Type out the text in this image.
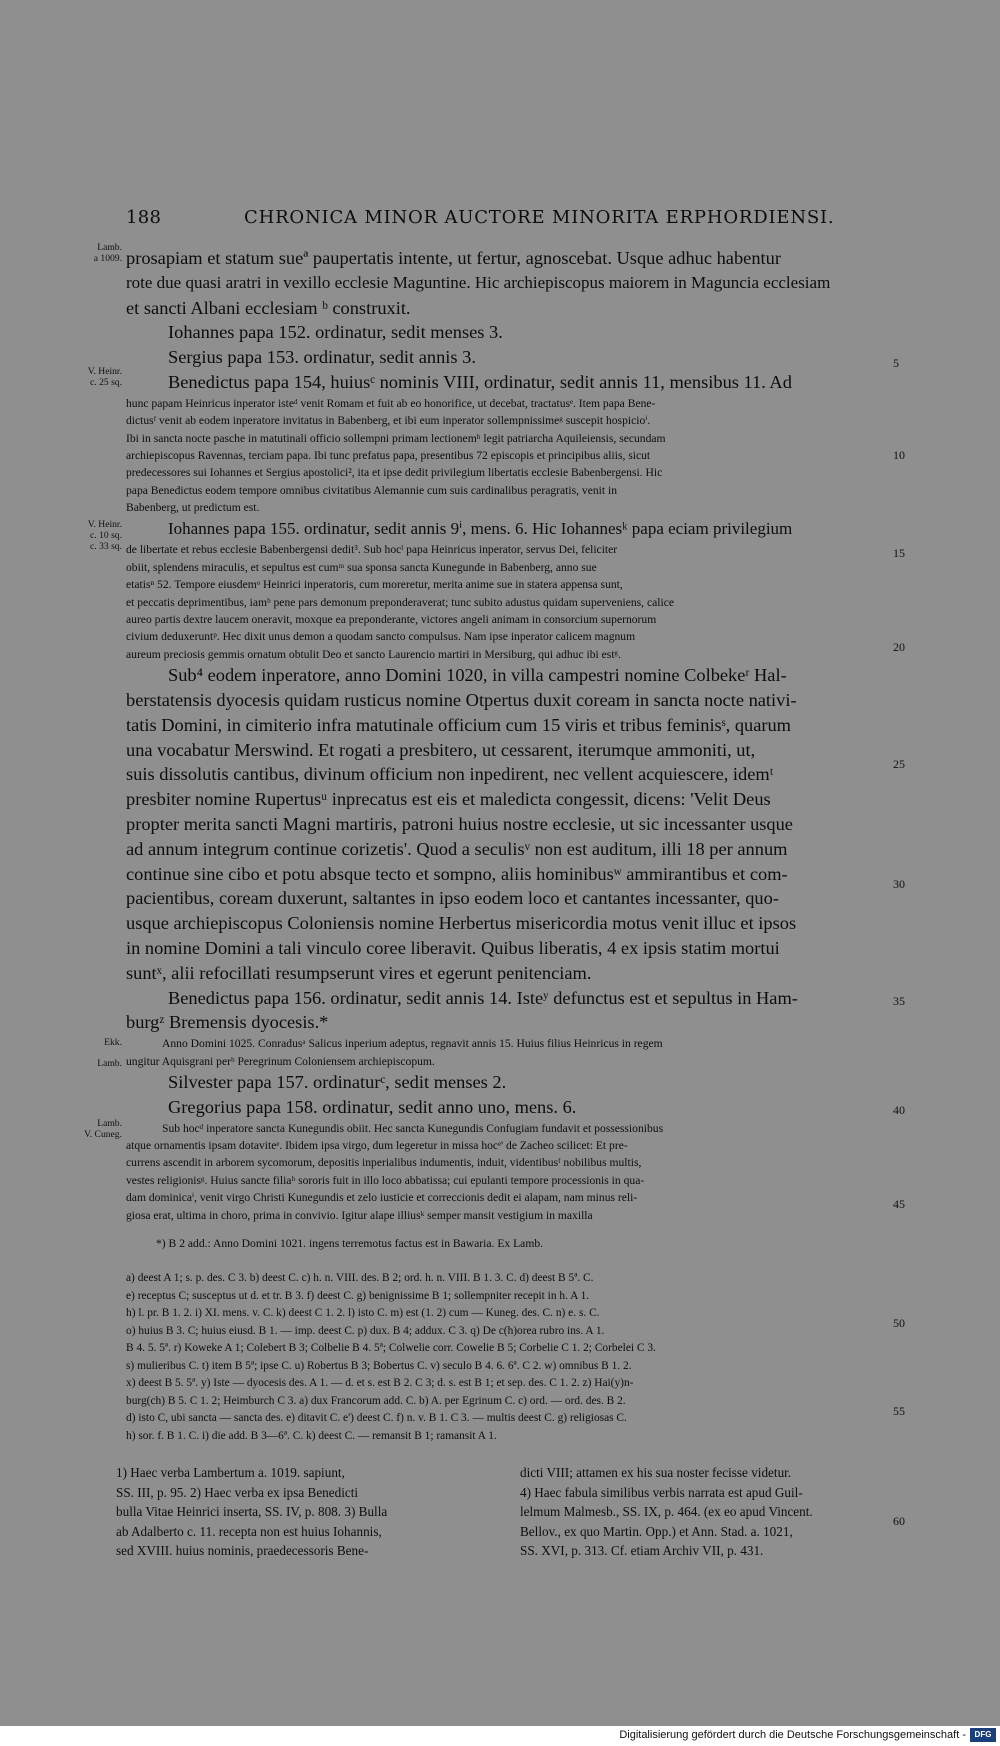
188	CHRONICA MINOR AUCTORE MINORITA ERPHORDIENSI.
Lamb.
a 1009.
V. Heinr.
c. 25 sq.
V. Heinr.
c. 10 sq.
c. 33 sq.
Ekk.
Lamb.
Lamb.
V. Cuneg.
5
10
15
20
25
30
35
40
45
50
55
60
prosapiam et statum sueª paupertatis intente, ut fertur, agnoscebat. Usque adhuc habentur
rote due quasi aratri in vexillo ecclesie Maguntine. Hic archiepiscopus maiorem in Maguncia ecclesiam
et sancti Albani ecclesiam ᵇ construxit.
Iohannes papa 152. ordinatur, sedit menses 3.
Sergius papa 153. ordinatur, sedit annis 3.
Benedictus papa 154, huiusᶜ nominis VIII, ordinatur, sedit annis 11, mensibus 11. Ad
hunc papam Heinricus inperator isteᵈ venit Romam et fuit ab eo honorifice, ut decebat, tractatusᵉ. Item papa Bene-
dictusᶠ venit ab eodem inperatore invitatus in Babenberg, et ibi eum inperator sollempnissimeᵍ suscepit hospicioⁱ.
Ibi in sancta nocte pasche in matutinali officio sollempni primam lectionemʰ legit patriarcha Aquileiensis, secundam
archiepiscopus Ravennas, terciam papa. Ibi tunc prefatus papa, presentibus 72 episcopis et principibus aliis, sicut
predecessores sui Iohannes et Sergius apostolici², ita et ipse dedit privilegium libertatis ecclesie Babenbergensi. Hic
papa Benedictus eodem tempore omnibus civitatibus Alemannie cum suis cardinalibus peragratis, venit in
Babenberg, ut predictum est.
Iohannes papa 155. ordinatur, sedit annis 9ⁱ, mens. 6. Hic Iohannesᵏ papa eciam privilegium
de libertate et rebus ecclesie Babenbergensi dedit³. Sub hocˡ papa Heinricus inperator, servus Dei, feliciter
obiit, splendens miraculis, et sepultus est cumᵐ sua sponsa sancta Kunegunde in Babenberg, anno sue
etatisⁿ 52. Tempore eiusdemᵒ Heinrici inperatoris, cum moreretur, merita anime sue in statera appensa sunt,
et peccatis deprimentibus, iamᵇ pene pars demonum preponderaverat; tunc subito adustus quidam superveniens, calice
aureo partis dextre laucem oneravit, moxque ea preponderante, victores angeli animam in consorcium supernorum
civium deduxeruntᵖ. Hec dixit unus demon a quodam sancto compulsus. Nam ipse inperator calicem magnum
aureum preciosis gemmis ornatum obtulit Deo et sancto Laurencio martiri in Mersiburg, qui adhuc ibi estᵍ.
Sub⁴ eodem inperatore, anno Domini 1020, in villa campestri nomine Colbekeʳ Hal-
berstatensis dyocesis quidam rusticus nomine Otpertus duxit coream in sancta nocte nativi-
tatis Domini, in cimiterio infra matutinale officium cum 15 viris et tribus feminisˢ, quarum
una vocabatur Merswind. Et rogati a presbitero, ut cessarent, iterumque ammoniti, ut,
suis dissolutis cantibus, divinum officium non inpedirent, nec vellent acquiescere, idemᵗ
presbiter nomine Rupertusᵘ inprecatus est eis et maledicta congessit, dicens: 'Velit Deus
propter merita sancti Magni martiris, patroni huius nostre ecclesie, ut sic incessanter usque
ad annum integrum continue corizetis'. Quod a seculisᵛ non est auditum, illi 18 per annum
continue sine cibo et potu absque tecto et sompno, aliis hominibusʷ ammirantibus et com-
pacientibus, coream duxerunt, saltantes in ipso eodem loco et cantantes incessanter, quo-
usque archiepiscopus Coloniensis nomine Herbertus misericordia motus venit illuc et ipsos
in nomine Domini a tali vinculo coree liberavit. Quibus liberatis, 4 ex ipsis statim mortui
suntˣ, alii refocillati resumpserunt vires et egerunt penitenciam.
Benedictus papa 156. ordinatur, sedit annis 14. Isteʸ defunctus est et sepultus in Ham-
burgᶻ Bremensis dyocesis.*
Anno Domini 1025. Conradusᵃ Salicus inperium adeptus, regnavit annis 15. Huius filius Heinricus in regem
ungitur Aquisgrani perᵇ Peregrinum Coloniensem archiepiscopum.
Silvester papa 157. ordinaturᶜ, sedit menses 2.
Gregorius papa 158. ordinatur, sedit anno uno, mens. 6.
Sub hocᵈ inperatore sancta Kunegundis obiit. Hec sancta Kunegundis Confugiam fundavit et possessionibus
atque ornamentis ipsam dotaviteᵉ. Ibidem ipsa virgo, dum legeretur in missa hocᵉ' de Zacheo scilicet: Et pre-
currens ascendit in arborem sycomorum, depositis inperialibus indumentis, induit, videntibusᶠ nobilibus multis,
vestes religionisᵍ. Huius sancte filiaʰ sororis fuit in illo loco abbatissa; cui epulanti tempore processionis in qua-
dam dominicaⁱ, venit virgo Christi Kunegundis et zelo iusticie et correccionis dedit ei alapam, nam minus reli-
giosa erat, ultima in choro, prima in convivio. Igitur alape illiusᵏ semper mansit vestigium in maxilla
*) B 2 add.: Anno Domini 1021. ingens terremotus factus est in Bawaria. Ex Lamb.
a) deest A 1; s. p. des. C 3. b) deest C. c) h. n. VIII. des. B 2; ord. h. n. VIII. B 1. 3. C. d) deest B 5ª. C.
e) receptus C; susceptus ut d. et tr. B 3. f) deest C. g) benignissime B 1; sollempniter recepit in h. A 1.
h) l. pr. B 1. 2. i) XI. mens. v. C. k) deest C 1. 2. l) isto C. m) est (1. 2) cum — Kuneg. des. C. n) e. s. C.
o) huius B 3. C; huius eiusd. B 1. — imp. deest C. p) dux. B 4; addux. C 3. q) De c(h)orea rubro ins. A 1.
B 4. 5. 5ª. r) Koweke A 1; Colebert B 3; Colbelie B 4. 5ª; Colwelie corr. Cowelie B 5; Corbelie C 1. 2; Corbelei C 3.
s) mulieribus C. t) item B 5ª; ipse C. u) Robertus B 3; Bobertus C. v) seculo B 4. 6. 6ª. C 2. w) omnibus B 1. 2.
x) deest B 5. 5ª. y) Iste — dyocesis des. A 1. — d. et s. est B 2. C 3; d. s. est B 1; et sep. des. C 1. 2. z) Hai(y)n-
burg(ch) B 5. C 1. 2; Heimburch C 3. a) dux Francorum add. C. b) A. per Egrinum C. c) ord. — ord. des. B 2.
d) isto C, ubi sancta — sancta des. e) ditavit C. e') deest C. f) n. v. B 1. C 3. — multis deest C. g) religiosas C.
h) sor. f. B 1. C. i) die add. B 3—6ª. C. k) deest C. — remansit B 1; ramansit A 1.
1) Haec verba Lambertum a. 1019. sapiunt,
SS. III, p. 95. 2) Haec verba ex ipsa Benedicti
bulla Vitae Heinrici inserta, SS. IV, p. 808. 3) Bulla
ab Adalberto c. 11. recepta non est huius Iohannis,
sed XVIII. huius nominis, praedecessoris Bene-
dicti VIII; attamen ex his sua noster fecisse videtur.
4) Haec fabula similibus verbis narrata est apud Guil-
lelmum Malmesb., SS. IX, p. 464. (ex eo apud Vincent.
Bellov., ex quo Martin. Opp.) et Ann. Stad. a. 1021,
SS. XVI, p. 313. Cf. etiam Archiv VII, p. 431.
Digitalisierung gefördert durch die Deutsche Forschungsgemeinschaft -	DFG
